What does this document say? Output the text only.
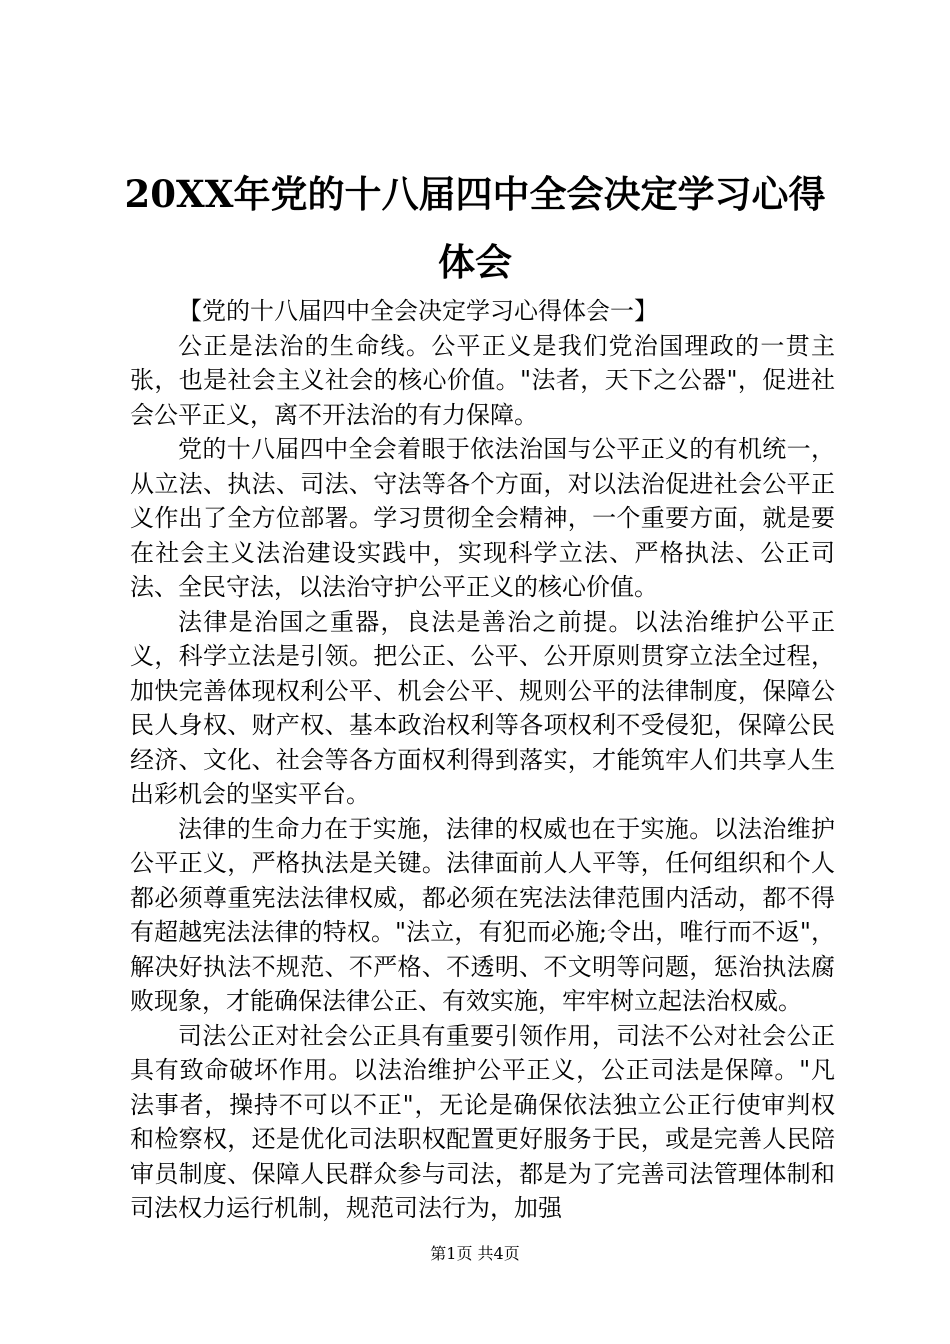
20XX年党的十八届四中全会决定学习心得体会

【党的十八届四中全会决定学习心得体会一】

公正是法治的生命线。公平正义是我们党治国理政的一贯主张，也是社会主义社会的核心价值。"法者，天下之公器"，促进社会公平正义，离不开法治的有力保障。

党的十八届四中全会着眼于依法治国与公平正义的有机统一，从立法、执法、司法、守法等各个方面，对以法治促进社会公平正义作出了全方位部署。学习贯彻全会精神，一个重要方面，就是要在社会主义法治建设实践中，实现科学立法、严格执法、公正司法、全民守法，以法治守护公平正义的核心价值。

法律是治国之重器，良法是善治之前提。以法治维护公平正义，科学立法是引领。把公正、公平、公开原则贯穿立法全过程，加快完善体现权利公平、机会公平、规则公平的法律制度，保障公民人身权、财产权、基本政治权利等各项权利不受侵犯，保障公民经济、文化、社会等各方面权利得到落实，才能筑牢人们共享人生出彩机会的坚实平台。

法律的生命力在于实施，法律的权威也在于实施。以法治维护公平正义，严格执法是关键。法律面前人人平等，任何组织和个人都必须尊重宪法法律权威，都必须在宪法法律范围内活动，都不得有超越宪法法律的特权。"法立，有犯而必施;令出，唯行而不返"，解决好执法不规范、不严格、不透明、不文明等问题，惩治执法腐败现象，才能确保法律公正、有效实施，牢牢树立起法治权威。

司法公正对社会公正具有重要引领作用，司法不公对社会公正具有致命破坏作用。以法治维护公平正义，公正司法是保障。"凡法事者，操持不可以不正"，无论是确保依法独立公正行使审判权和检察权，还是优化司法职权配置更好服务于民，或是完善人民陪审员制度、保障人民群众参与司法，都是为了完善司法管理体制和司法权力运行机制，规范司法行为，加强

第1页 共4页
